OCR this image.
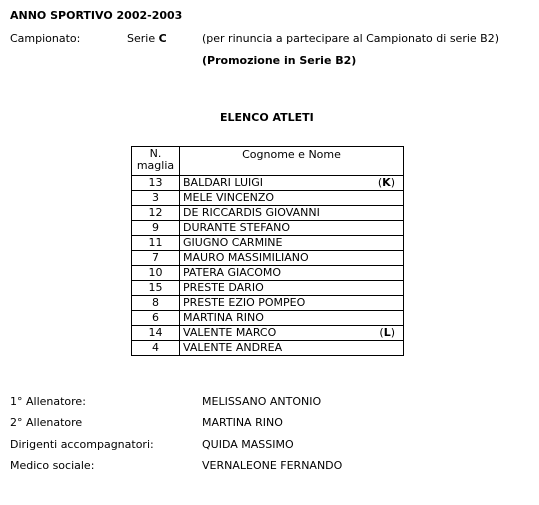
ANNO SPORTIVO 2002-2003
Campionato:	Serie C	(per rinuncia a partecipare al Campionato di serie B2)
(Promozione in Serie B2)
ELENCO ATLETI
N.
maglia	Cognome e Nome
13	BALDARI LUIGI (K)

3	MELE VINCENZO
12	DE RICCARDIS GIOVANNI
9	DURANTE STEFANO
11	GIUGNO CARMINE
7	MAURO MASSIMILIANO
10	PATERA GIACOMO
15	PRESTE DARIO
8	PRESTE EZIO POMPEO
6	MARTINA RINO
14	VALENTE MARCO (L)

4	VALENTE ANDREA
1° Allenatore:	MELISSANO ANTONIO
2° Allenatore	MARTINA RINO
Dirigenti accompagnatori:	QUIDA MASSIMO
Medico sociale:	VERNALEONE FERNANDO
